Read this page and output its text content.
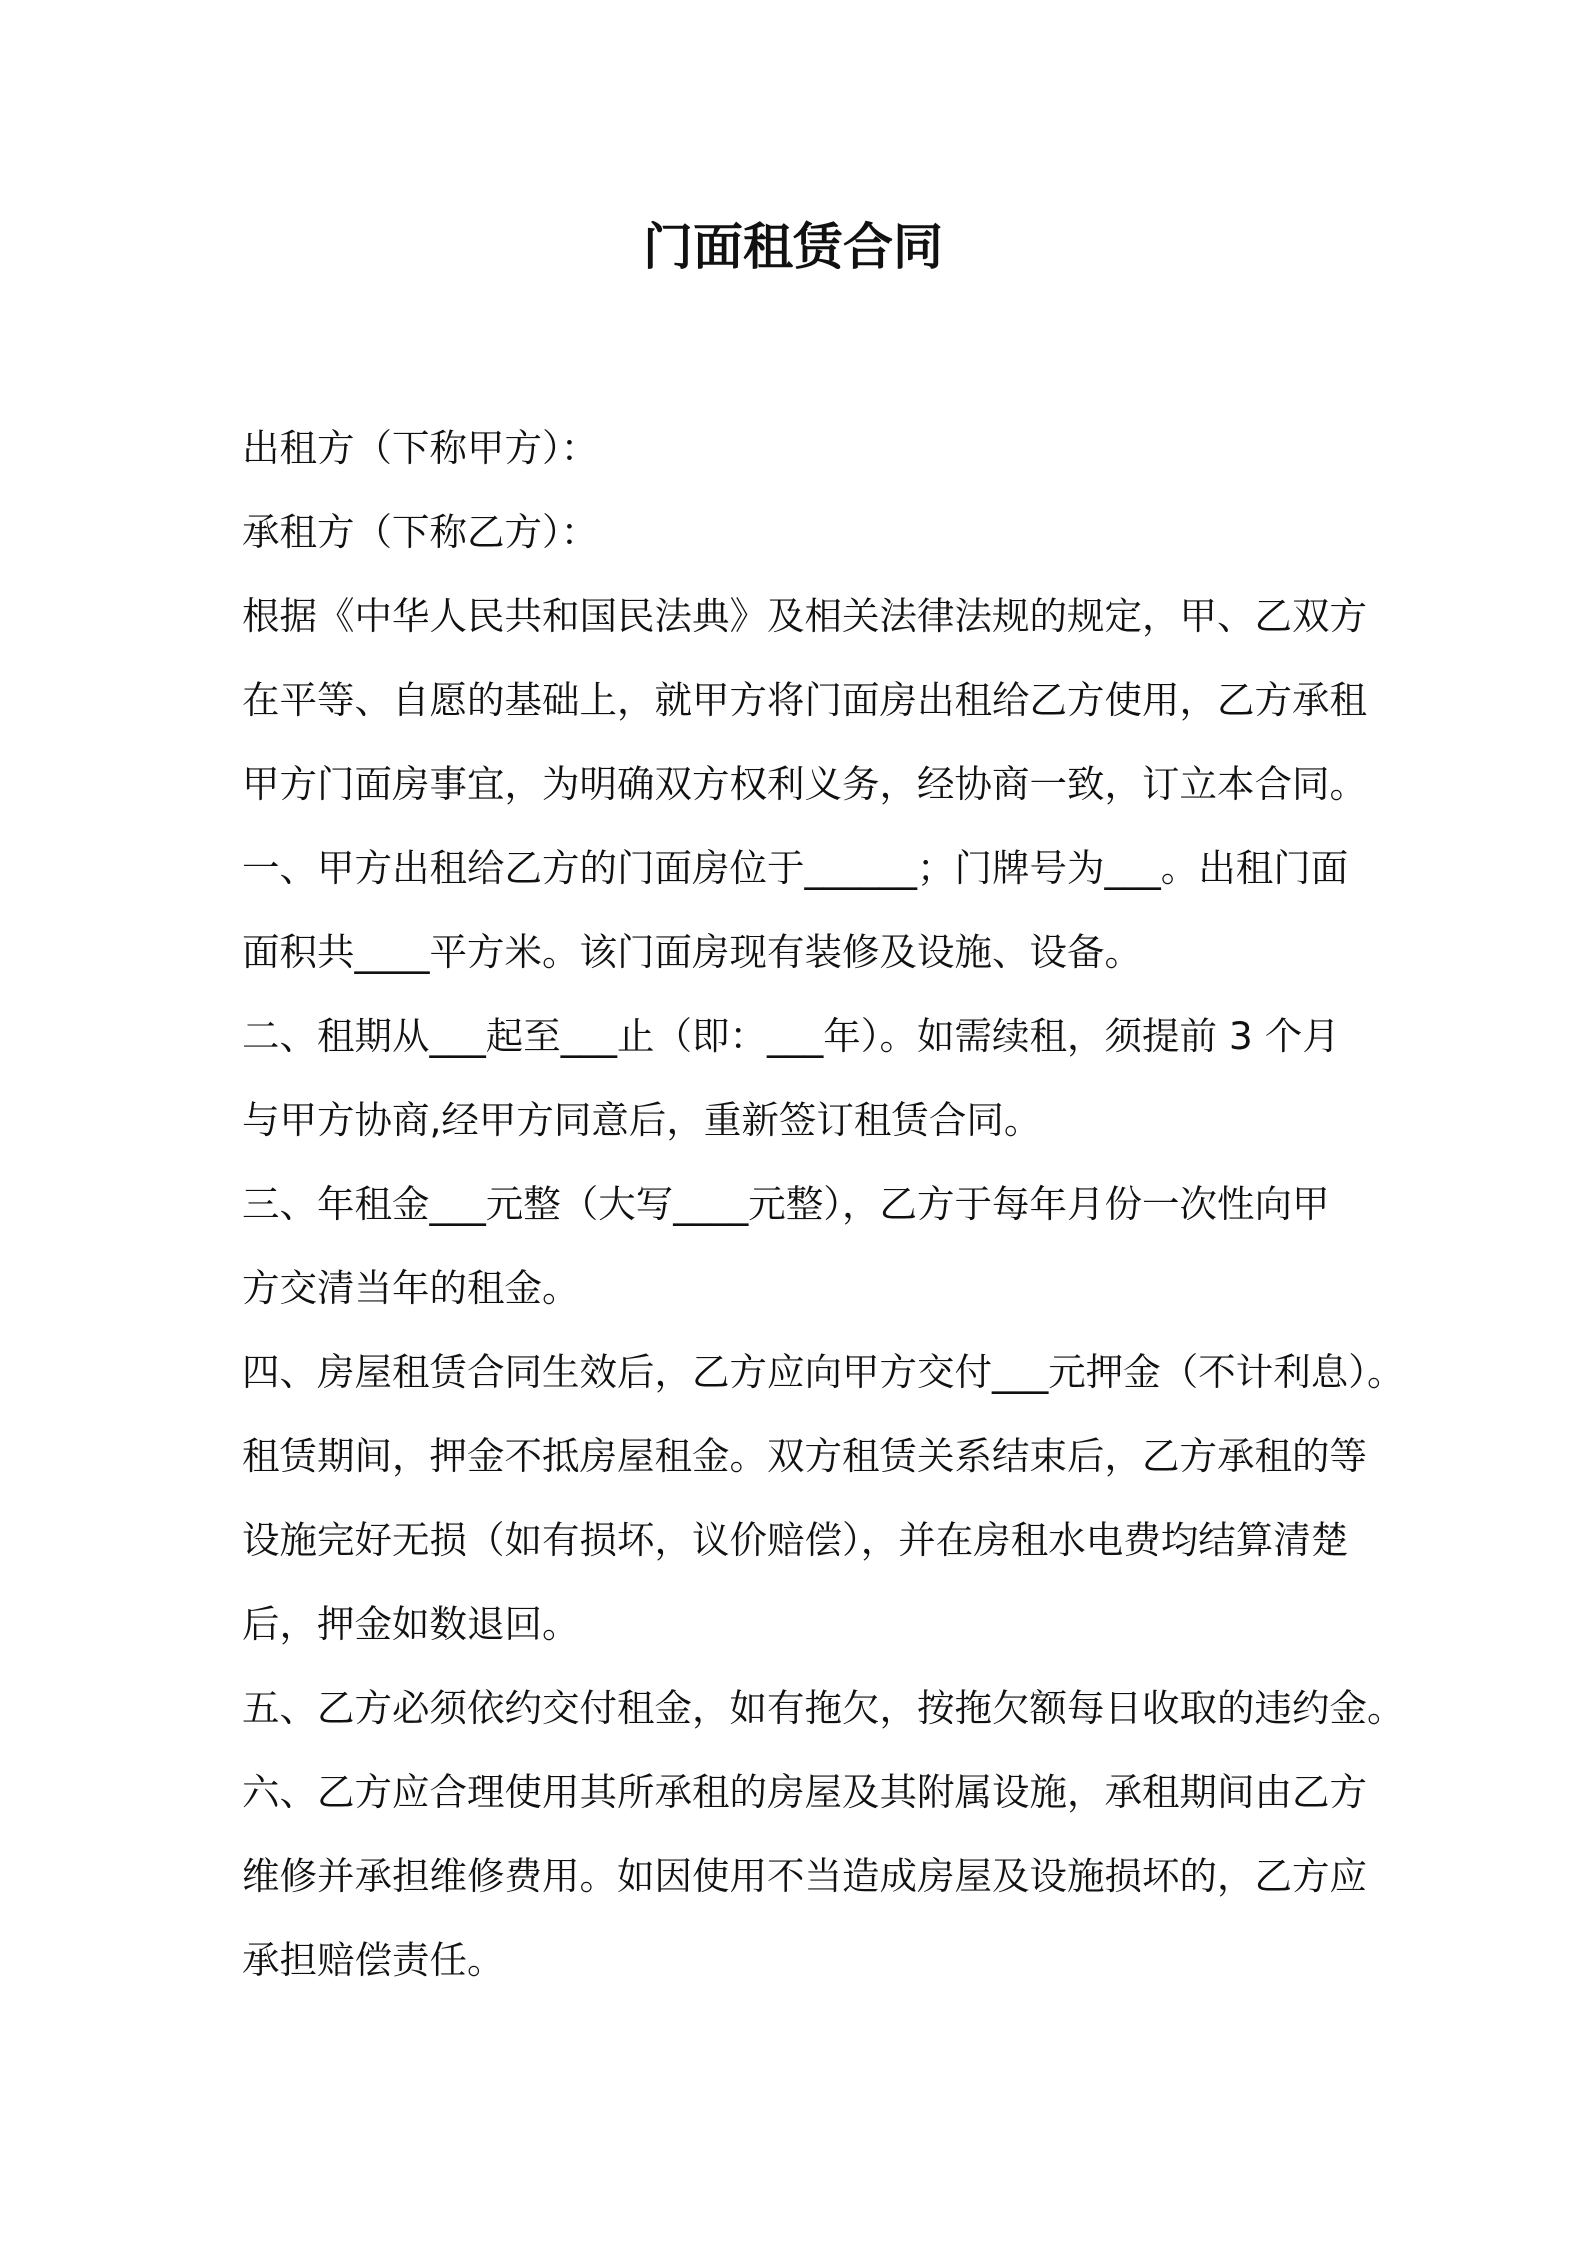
门面租赁合同
出租方（下称甲方）：
承租方（下称乙方）：
根据《中华人民共和国民法典》及相关法律法规的规定，甲、乙双方
在平等、自愿的基础上，就甲方将门面房出租给乙方使用，乙方承租
甲方门面房事宜，为明确双方权利义务，经协商一致，订立本合同。
一、甲方出租给乙方的门面房位于______；门牌号为___。出租门面
面积共____平方米。该门面房现有装修及设施、设备。
二、租期从___起至___止（即：___年）。如需续租，须提前 3 个月
与甲方协商,经甲方同意后，重新签订租赁合同。
三、年租金___元整（大写____元整），乙方于每年月份一次性向甲
方交清当年的租金。
四、房屋租赁合同生效后，乙方应向甲方交付___元押金（不计利息）。
租赁期间，押金不抵房屋租金。双方租赁关系结束后，乙方承租的等
设施完好无损（如有损坏，议价赔偿），并在房租水电费均结算清楚
后，押金如数退回。
五、乙方必须依约交付租金，如有拖欠，按拖欠额每日收取的违约金。
六、乙方应合理使用其所承租的房屋及其附属设施，承租期间由乙方
维修并承担维修费用。如因使用不当造成房屋及设施损坏的，乙方应
承担赔偿责任。
